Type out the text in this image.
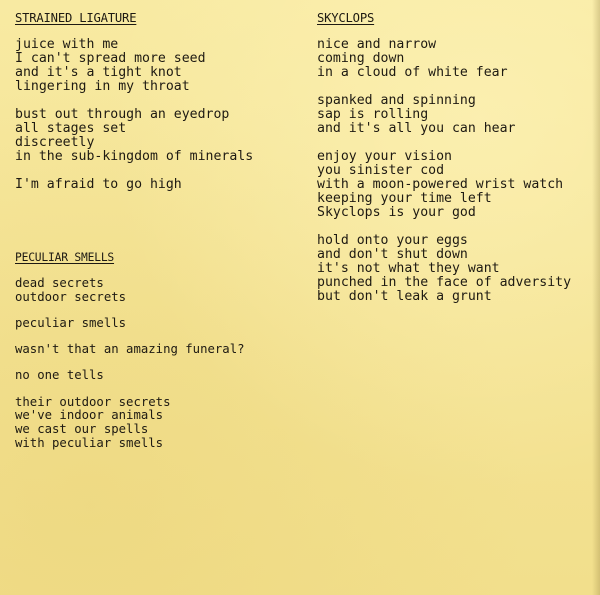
STRAINED LIGATURE
juice with me
I can't spread more seed
and it's a tight knot
lingering in my throat
bust out through an eyedrop
all stages set
discreetly
in the sub-kingdom of minerals
I'm afraid to go high
PECULIAR SMELLS
dead secrets
outdoor secrets
peculiar smells
wasn't that an amazing funeral?
no one tells
their outdoor secrets
we've indoor animals
we cast our spells
with peculiar smells
SKYCLOPS
nice and narrow
coming down
in a cloud of white fear
spanked and spinning
sap is rolling
and it's all you can hear
enjoy your vision
you sinister cod
with a moon-powered wrist watch
keeping your time left
Skyclops is your god
hold onto your eggs
and don't shut down
it's not what they want
punched in the face of adversity
but don't leak a grunt
